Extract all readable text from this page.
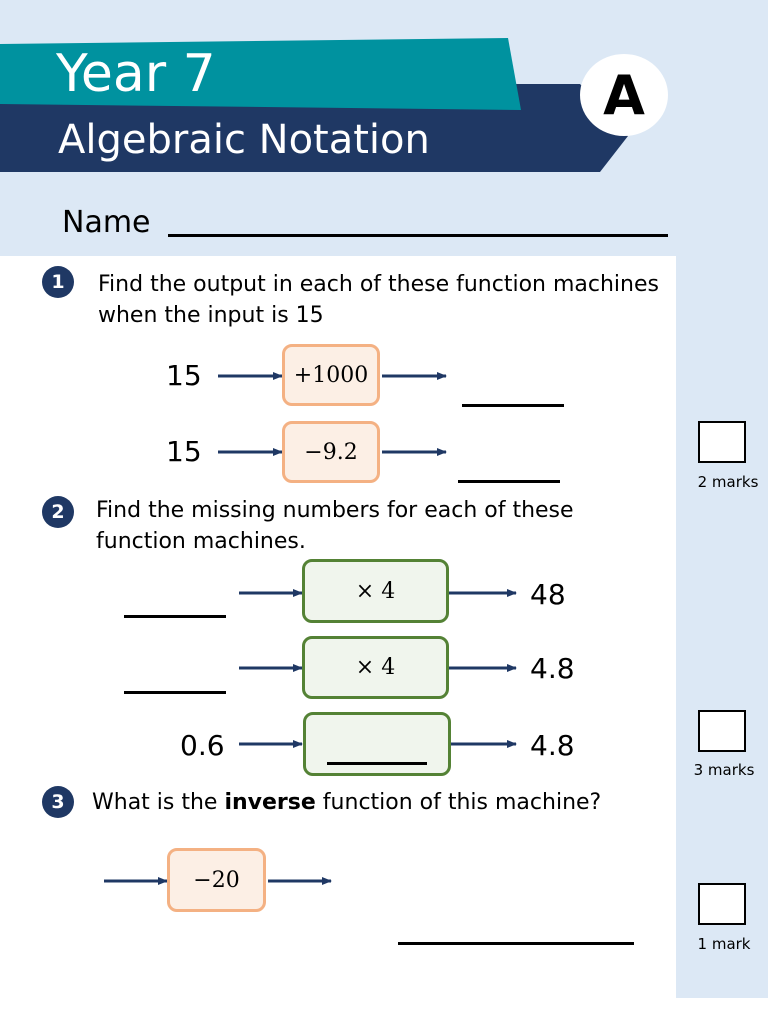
Year 7
Algebraic Notation
A
Name
1	Find the output in each of these function machines
when the input is 15
15	+1000
15	−9.2
2 marks
2	Find the missing numbers for each of these
function machines.
× 4	48
× 4	4.8
0.6	4.8
3 marks
3	What is the inverse function of this machine?
−20
1 mark
